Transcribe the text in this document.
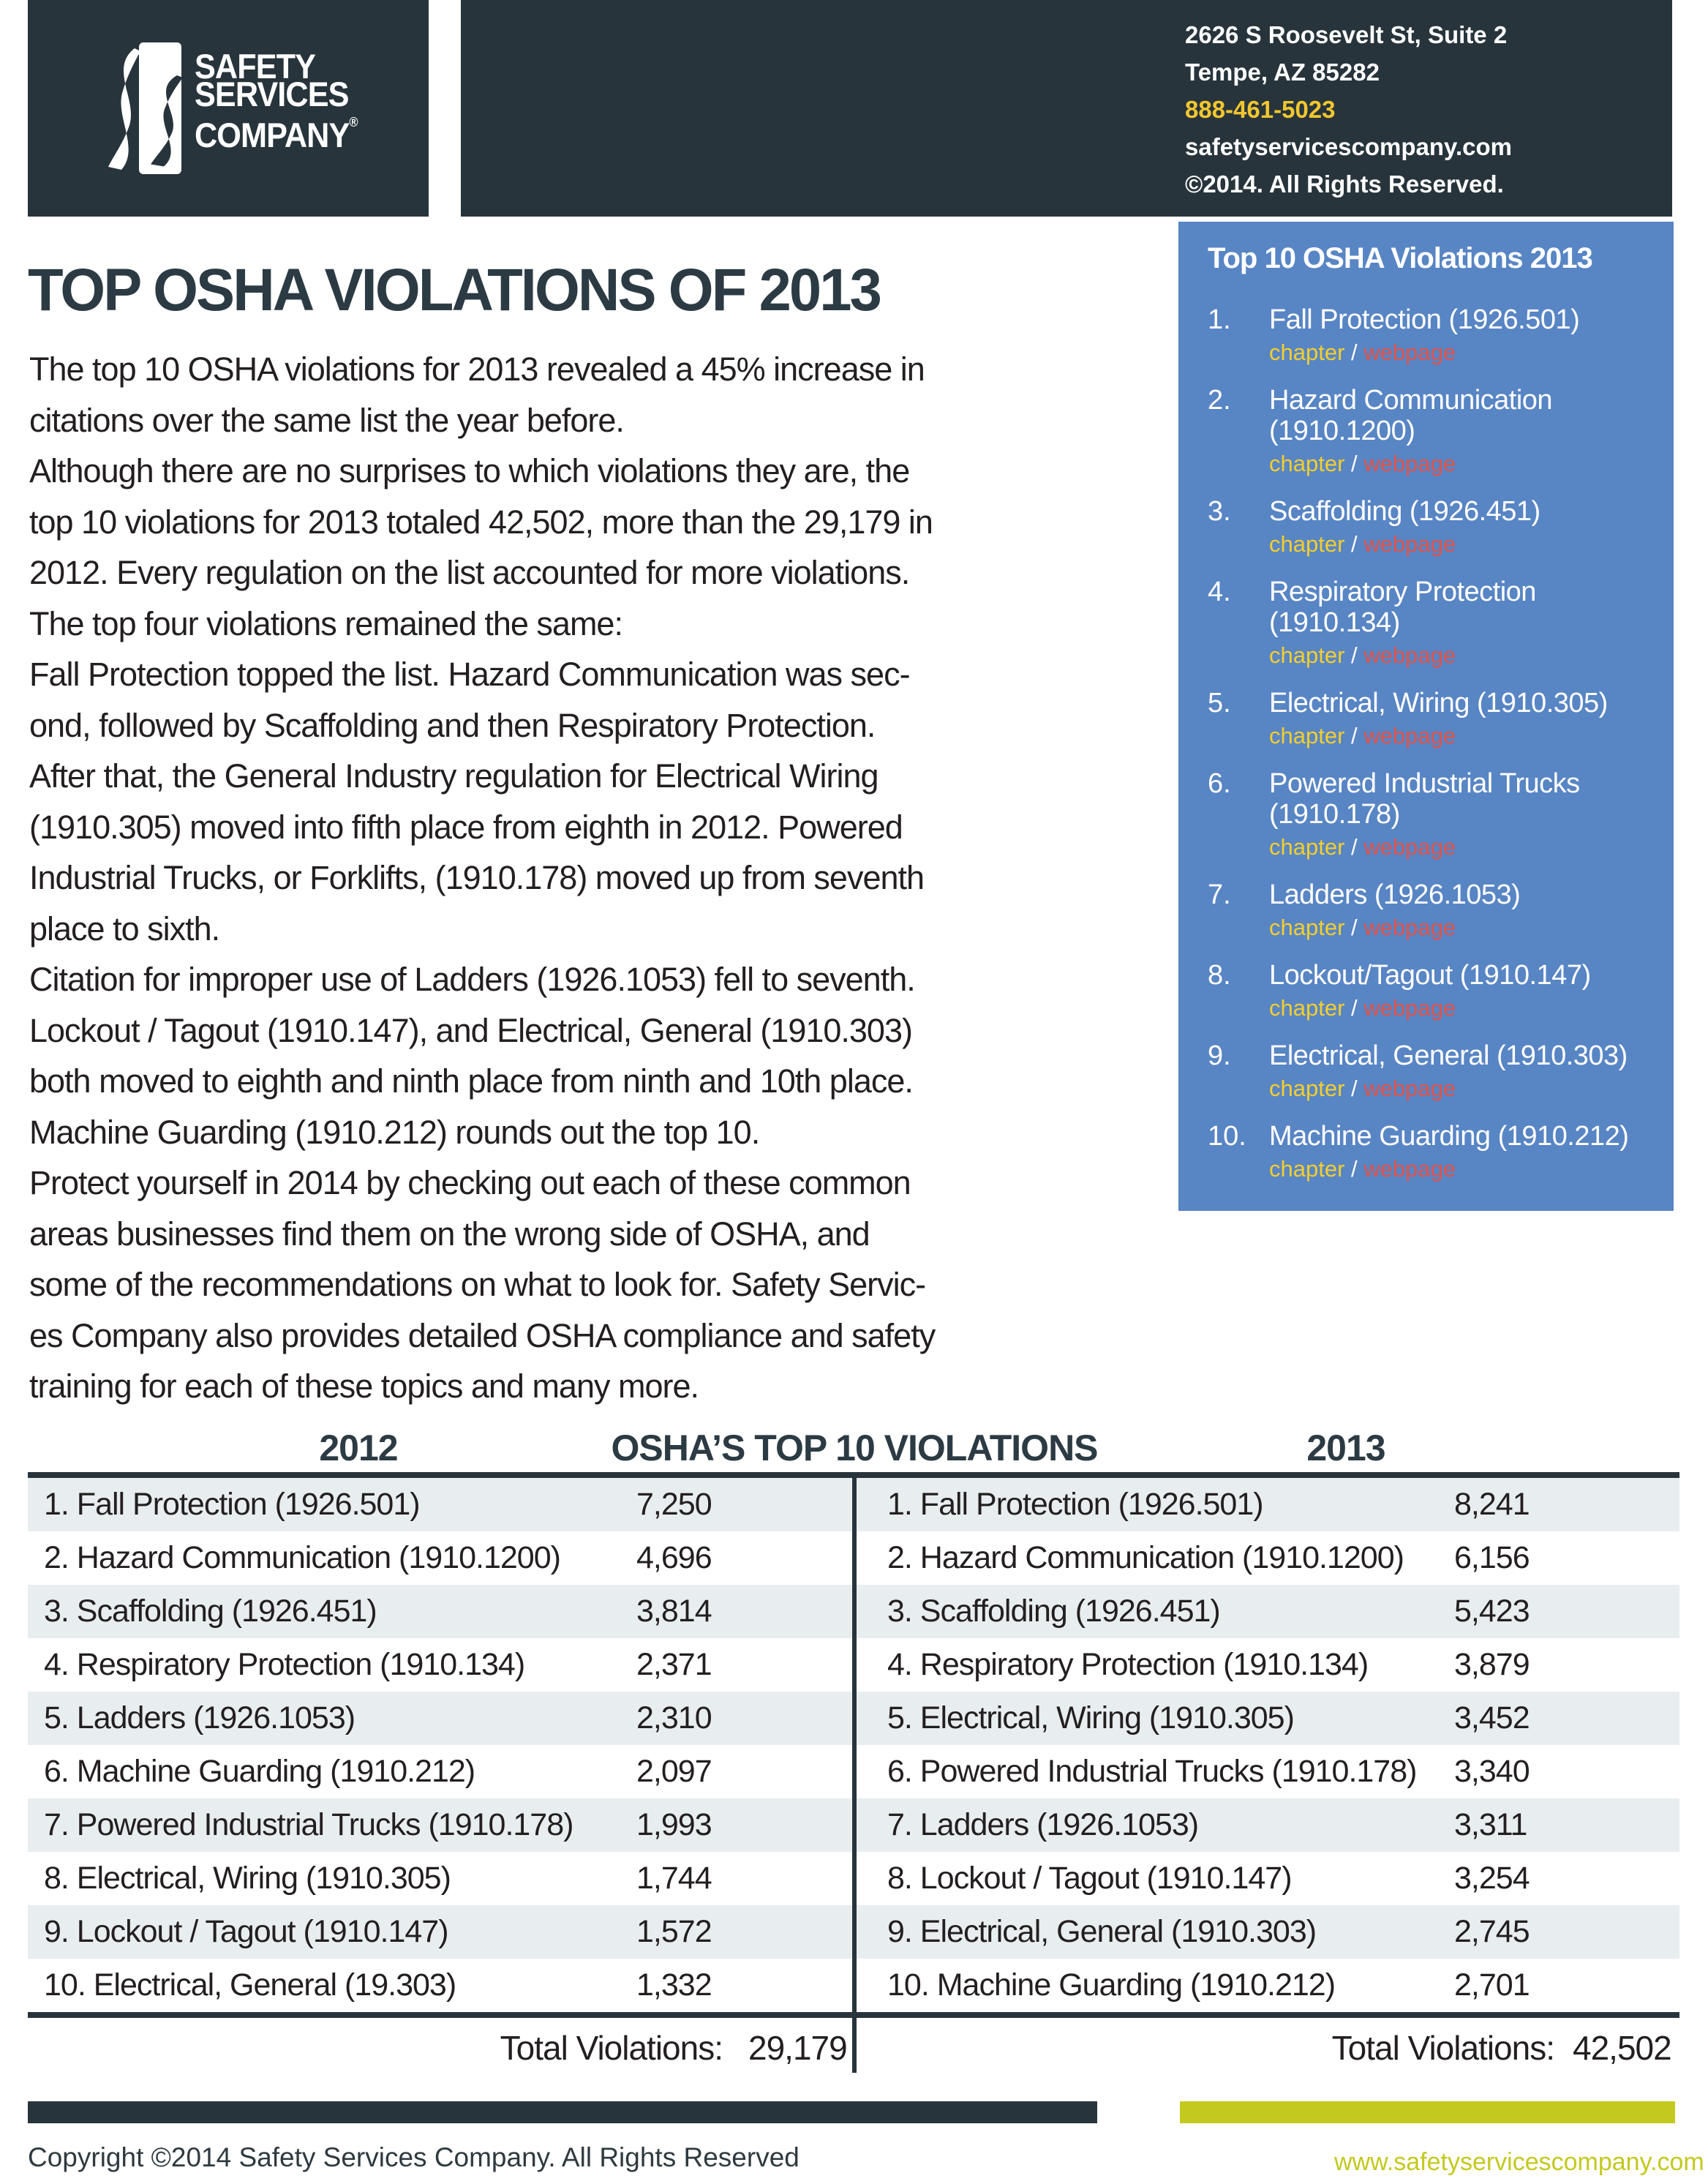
SAFETY
SERVICES
COMPANY®
2626 S Roosevelt St, Suite 2
Tempe, AZ 85282
888-461-5023
safetyservicescompany.com
©2014. All Rights Reserved.
TOP OSHA VIOLATIONS OF 2013
The top 10 OSHA violations for 2013 revealed a 45% increase in
citations over the same list the year before.
Although there are no surprises to which violations they are, the
top 10 violations for 2013 totaled 42,502, more than the 29,179 in
2012. Every regulation on the list accounted for more violations.
The top four violations remained the same:
Fall Protection topped the list. Hazard Communication was sec-
ond, followed by Scaffolding and then Respiratory Protection.
After that, the General Industry regulation for Electrical Wiring
(1910.305) moved into fifth place from eighth in 2012. Powered
Industrial Trucks, or Forklifts, (1910.178) moved up from seventh
place to sixth.
Citation for improper use of Ladders (1926.1053) fell to seventh.
Lockout / Tagout (1910.147), and Electrical, General (1910.303)
both moved to eighth and ninth place from ninth and 10th place.
Machine Guarding (1910.212) rounds out the top 10.
Protect yourself in 2014 by checking out each of these common
areas businesses find them on the wrong side of OSHA, and
some of the recommendations on what to look for. Safety Servic-
es Company also provides detailed OSHA compliance and safety
training for each of these topics and many more.
Top 10 OSHA Violations 2013
1.	Fall Protection (1926.501)
chapter / webpage
2.	Hazard Communication
(1910.1200)
chapter / webpage
3.	Scaffolding (1926.451)
chapter / webpage
4.	Respiratory Protection
(1910.134)
chapter / webpage
5.	Electrical, Wiring (1910.305)
chapter / webpage
6.	Powered Industrial Trucks
(1910.178)
chapter / webpage
7.	Ladders (1926.1053)
chapter / webpage
8.	Lockout/Tagout (1910.147)
chapter / webpage
9.	Electrical, General (1910.303)
chapter / webpage
10. Machine Guarding (1910.212)
chapter / webpage
2012	OSHA’S TOP 10 VIOLATIONS	2013
1. Fall Protection (1926.501)	7,250	1. Fall Protection (1926.501)	8,241
2. Hazard Communication (1910.1200) 4,696	2. Hazard Communication (1910.1200) 6,156
3. Scaffolding (1926.451)	3,814	3. Scaffolding (1926.451)	5,423
4. Respiratory Protection (1910.134)	2,371	4. Respiratory Protection (1910.134)	3,879
5. Ladders (1926.1053)	2,310	5. Electrical, Wiring (1910.305)	3,452
6. Machine Guarding (1910.212)	2,097	6. Powered Industrial Trucks (1910.178) 3,340
7. Powered Industrial Trucks (1910.178) 1,993	7. Ladders (1926.1053)	3,311
8. Electrical, Wiring (1910.305)	1,744	8. Lockout / Tagout (1910.147)	3,254
9. Lockout / Tagout (1910.147)	1,572	9. Electrical, General (1910.303)	2,745
10. Electrical, General (19.303)	1,332	10. Machine Guarding (1910.212)	2,701
Total Violations: 29,179	Total Violations: 42,502
Copyright ©2014 Safety Services Company. All Rights Reserved	www.safetyservicescompany.com
